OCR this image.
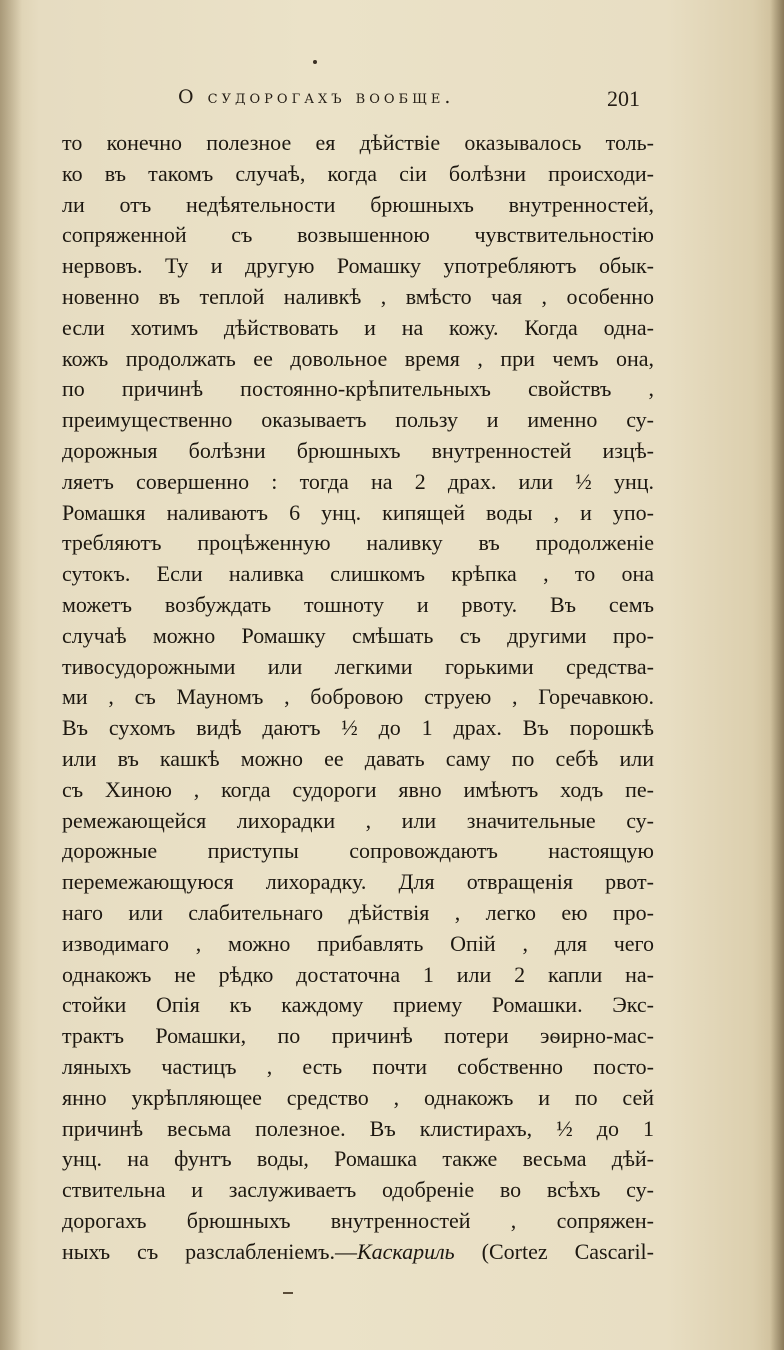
О судорогахъ вообще.	201
то конечно полезное ея дѣйствіе оказывалось толь-
ко въ такомъ случаѣ, когда сіи болѣзни происходи-
ли отъ недѣятельности брюшныхъ внутренностей,
сопряженной съ возвышенною чувствительностію
нервовъ. Ту и другую Ромашку употребляютъ обык-
новенно въ теплой наливкѣ , вмѣсто чая , особенно
если хотимъ дѣйствовать и на кожу. Когда одна-
кожъ продолжать ее довольное время , при чемъ она,
по причинѣ постоянно-крѣпительныхъ свойствъ ,
преимущественно оказываетъ пользу и именно су-
дорожныя болѣзни брюшныхъ внутренностей изцѣ-
ляетъ совершенно : тогда на 2 драх. или ½ унц.
Ромашкя наливаютъ 6 унц. кипящей воды , и упо-
требляютъ процѣженную наливку въ продолженіе
сутокъ. Если наливка слишкомъ крѣпка , то она
можетъ возбуждать тошноту и рвоту. Въ семъ
случаѣ можно Ромашку смѣшать съ другими про-
тивосудорожными или легкими горькими средства-
ми , съ Мауномъ , бобровою струею , Горечавкою.
Въ сухомъ видѣ даютъ ½ до 1 драх. Въ порошкѣ
или въ кашкѣ можно ее давать саму по себѣ или
съ Хиною , когда судороги явно имѣютъ ходъ пе-
ремежающейся лихорадки , или значительные су-
дорожные приступы сопровождаютъ настоящую
перемежающуюся лихорадку. Для отвращенія рвот-
наго или слабительнаго дѣйствія , легко ею про-
изводимаго , можно прибавлять Опій , для чего
однакожъ не рѣдко достаточна 1 или 2 капли на-
стойки Опія къ каждому приему Ромашки. Экс-
трактъ Ромашки, по причинѣ потери эѳирно-мас-
ляныхъ частицъ , есть почти собственно посто-
янно укрѣпляющее средство , однакожъ и по сей
причинѣ весьма полезное. Въ клистирахъ, ½ до 1
унц. на фунтъ воды, Ромашка также весьма дѣй-
ствительна и заслуживаетъ одобреніе во всѣхъ су-
дорогахъ брюшныхъ внутренностей , сопряжен-
ныхъ съ разслабленіемъ.—Каскариль (Cortez Cascaril-
